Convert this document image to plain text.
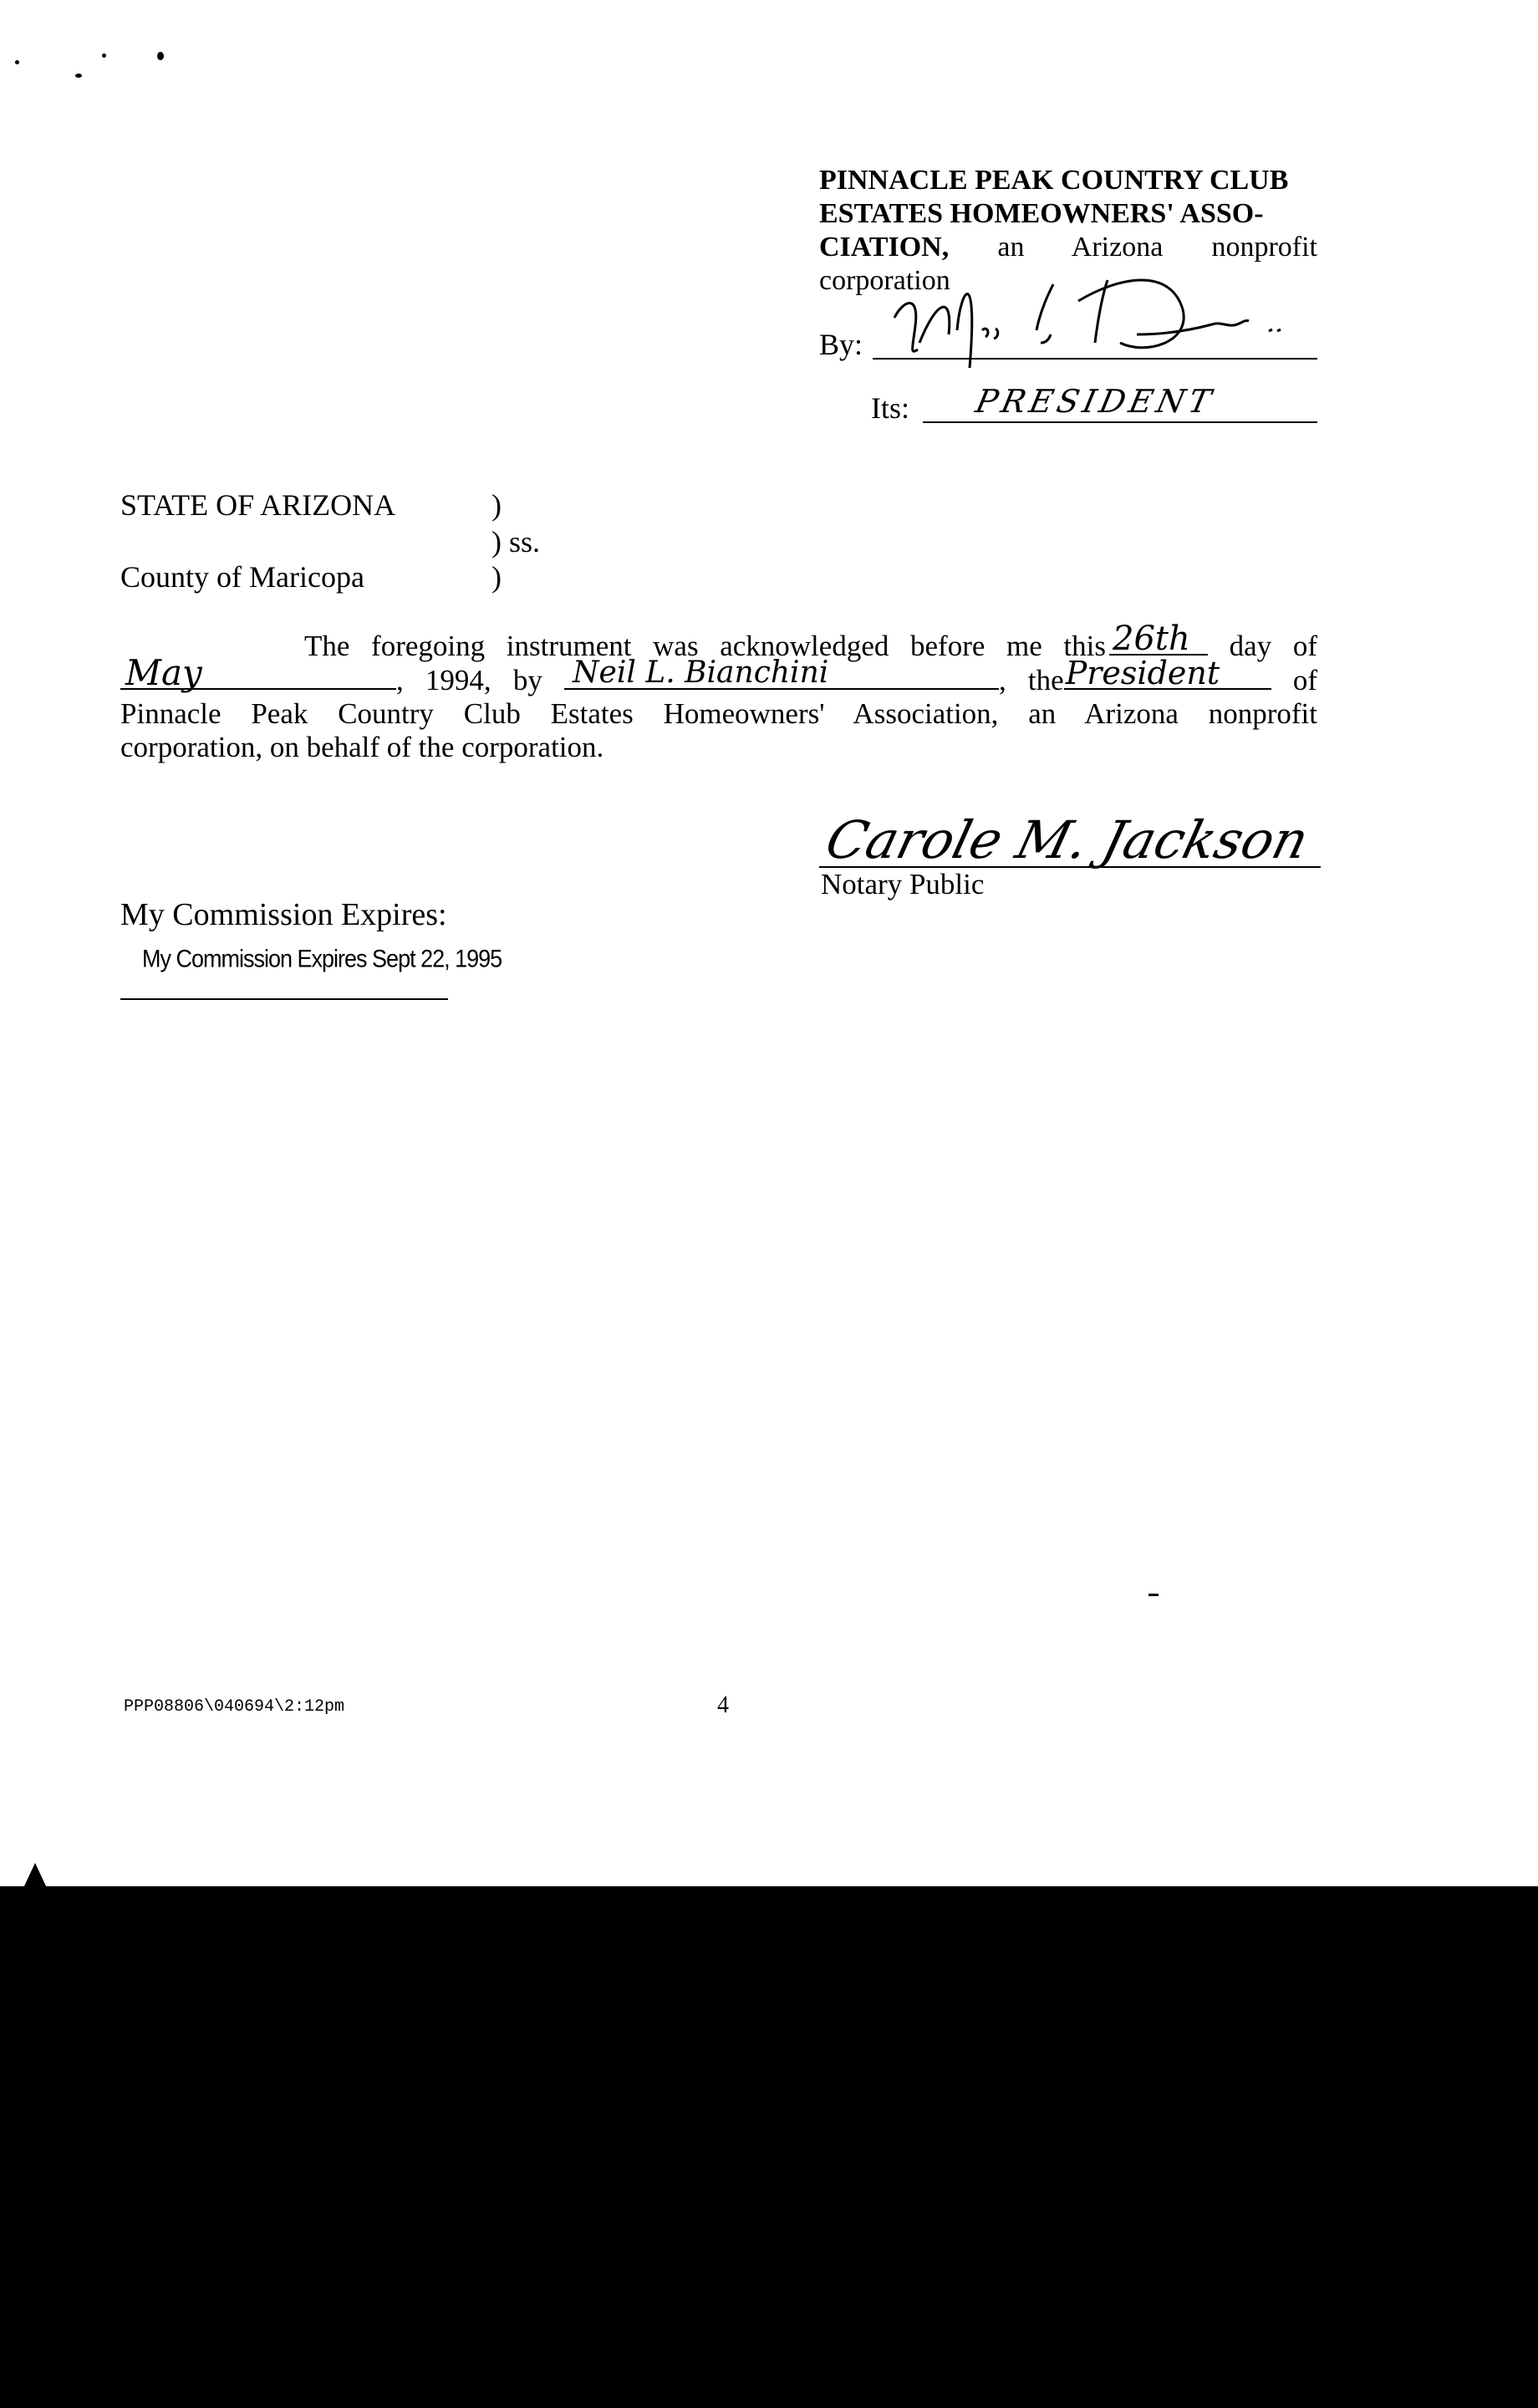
PINNACLE PEAK COUNTRY CLUB
ESTATES HOMEOWNERS' ASSO-
CIATION, an Arizona nonprofit
corporation
By:
Its: PRESIDENT
STATE OF ARIZONA	)
) ss.
County of Maricopa	)
The foregoing instrument was acknowledged before me this 26th day of
May	, 1994, by Neil L. Bianchini	, the President	of
Pinnacle Peak Country Club Estates Homeowners' Association, an Arizona nonprofit
corporation, on behalf of the corporation.
Carole M. Jackson
Notary Public
My Commission Expires:
My Commission Expires Sept 22, 1995
PPP08806\040694\2:12pm	4
